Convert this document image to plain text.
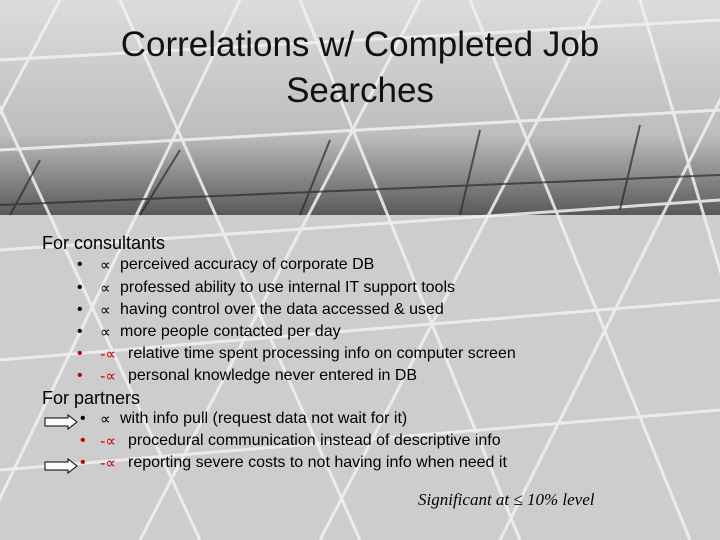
Correlations w/ Completed Job
Searches
For consultants
• ∝ perceived accuracy of corporate DB
• ∝ professed ability to use internal IT support tools
• ∝ having control over the data accessed & used
• ∝ more people contacted per day
• -∝ relative time spent processing info on computer screen
• -∝ personal knowledge never entered in DB
For partners
• ∝ with info pull (request data not wait for it)
• -∝ procedural communication instead of descriptive info
• -∝ reporting severe costs to not having info when need it
Significant at ≤ 10% level
